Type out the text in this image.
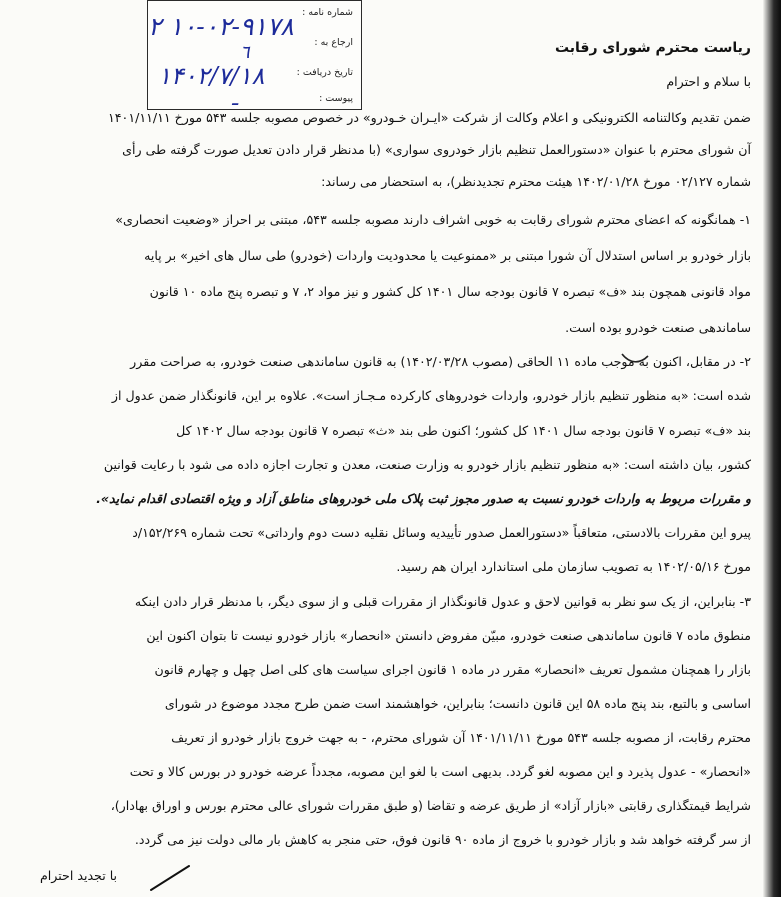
شماره نامه :
ارجاع به :
تاریخ دریافت :
پیوست :
۲ ۱۰-۰۲-۹۱۷۸
٦
۱۴۰۲/۷/۱۸
ـ
ریاست محترم شورای رقابت
با سلام و احترام
ضمن تقدیم وکالتنامه الکترونیکی و اعلام وکالت از شرکت «ایـران خـودرو» در خصوص مصوبه جلسه ۵۴۳ مورخ ۱۴۰۱/۱۱/۱۱
آن شورای محترم با عنوان «دستورالعمل تنظیم بازار خودروی سواری» (با مدنظر قرار دادن تعدیل صورت گرفته طی رأی
شماره ۰۲/۱۲۷ مورخ ۱۴۰۲/۰۱/۲۸ هیئت محترم تجدیدنظر)، به استحضار می رساند:
۱- همانگونه که اعضای محترم شورای رقابت به خوبی اشراف دارند مصوبه جلسه ۵۴۳، مبتنی بر احراز «وضعیت انحصاری»
بازار خودرو بر اساس استدلال آن شورا مبتنی بر «ممنوعیت یا محدودیت واردات (خودرو) طی سال های اخیر» بر پایه
مواد قانونی همچون بند «ف» تبصره ۷ قانون بودجه سال ۱۴۰۱ کل کشور و نیز مواد ۲، ۷ و تبصره پنج ماده ۱۰ قانون
ساماندهی صنعت خودرو بوده است.
۲- در مقابل، اکنون به موجب ماده ۱۱ الحاقی (مصوب ۱۴۰۲/۰۳/۲۸) به قانون ساماندهی صنعت خودرو، به صراحت مقرر
شده است: «به منظور تنظیم بازار خودرو، واردات خودروهای کارکرده مـجـاز است». علاوه بر این، قانونگذار ضمن عدول از
بند «ف» تبصره ۷ قانون بودجه سال ۱۴۰۱ کل کشور؛ اکنون طی بند «ث» تبصره ۷ قانون بودجه سال ۱۴۰۲ کل
کشور، بیان داشته است: «به منظور تنظیم بازار خودرو به وزارت صنعت، معدن و تجارت اجازه داده می شود با رعایت قوانین
و مقررات مربوط به واردات خودرو نسبت به صدور مجوز ثبت پلاک ملی خودروهای مناطق آزاد و ویژه اقتصادی اقدام نماید».
پیرو این مقررات بالادستی، متعاقباً «دستورالعمل صدور تأییدیه وسائل نقلیه دست دوم وارداتی» تحت شماره ۱۵۲/۲۶۹/د
مورخ ۱۴۰۲/۰۵/۱۶ به تصویب سازمان ملی استاندارد ایران هم رسید.
۳- بنابراین، از یک سو نظر به قوانین لاحق و عدول قانونگذار از مقررات قبلی و از سوی دیگر، با مدنظر قرار دادن اینکه
منطوق ماده ۷ قانون ساماندهی صنعت خودرو، مبیّن مفروض دانستن «انحصار» بازار خودرو نیست تا بتوان اکنون این
بازار را همچنان مشمول تعریف «انحصار» مقرر در ماده ۱ قانون اجرای سیاست های کلی اصل چهل و چهارم قانون
اساسی و بالتبع، بند پنج ماده ۵۸ این قانون دانست؛ بنابراین، خواهشمند است ضمن طرح مجدد موضوع در شورای
محترم رقابت، از مصوبه جلسه ۵۴۳ مورخ ۱۴۰۱/۱۱/۱۱ آن شورای محترم، - به جهت خروج بازار خودرو از تعریف
«انحصار» - عدول پذیرد و این مصوبه لغو گردد. بدیهی است با لغو این مصوبه، مجدداً عرضه خودرو در بورس کالا و تحت
شرایط قیمتگذاری رقابتی «بازار آزاد» از طریق عرضه و تقاضا (و طبق مقررات شورای عالی محترم بورس و اوراق بهادار)،
از سر گرفته خواهد شد و بازار خودرو با خروج از ماده ۹۰ قانون فوق، حتی منجر به کاهش بار مالی دولت نیز می گردد.
با تجدید احترام
